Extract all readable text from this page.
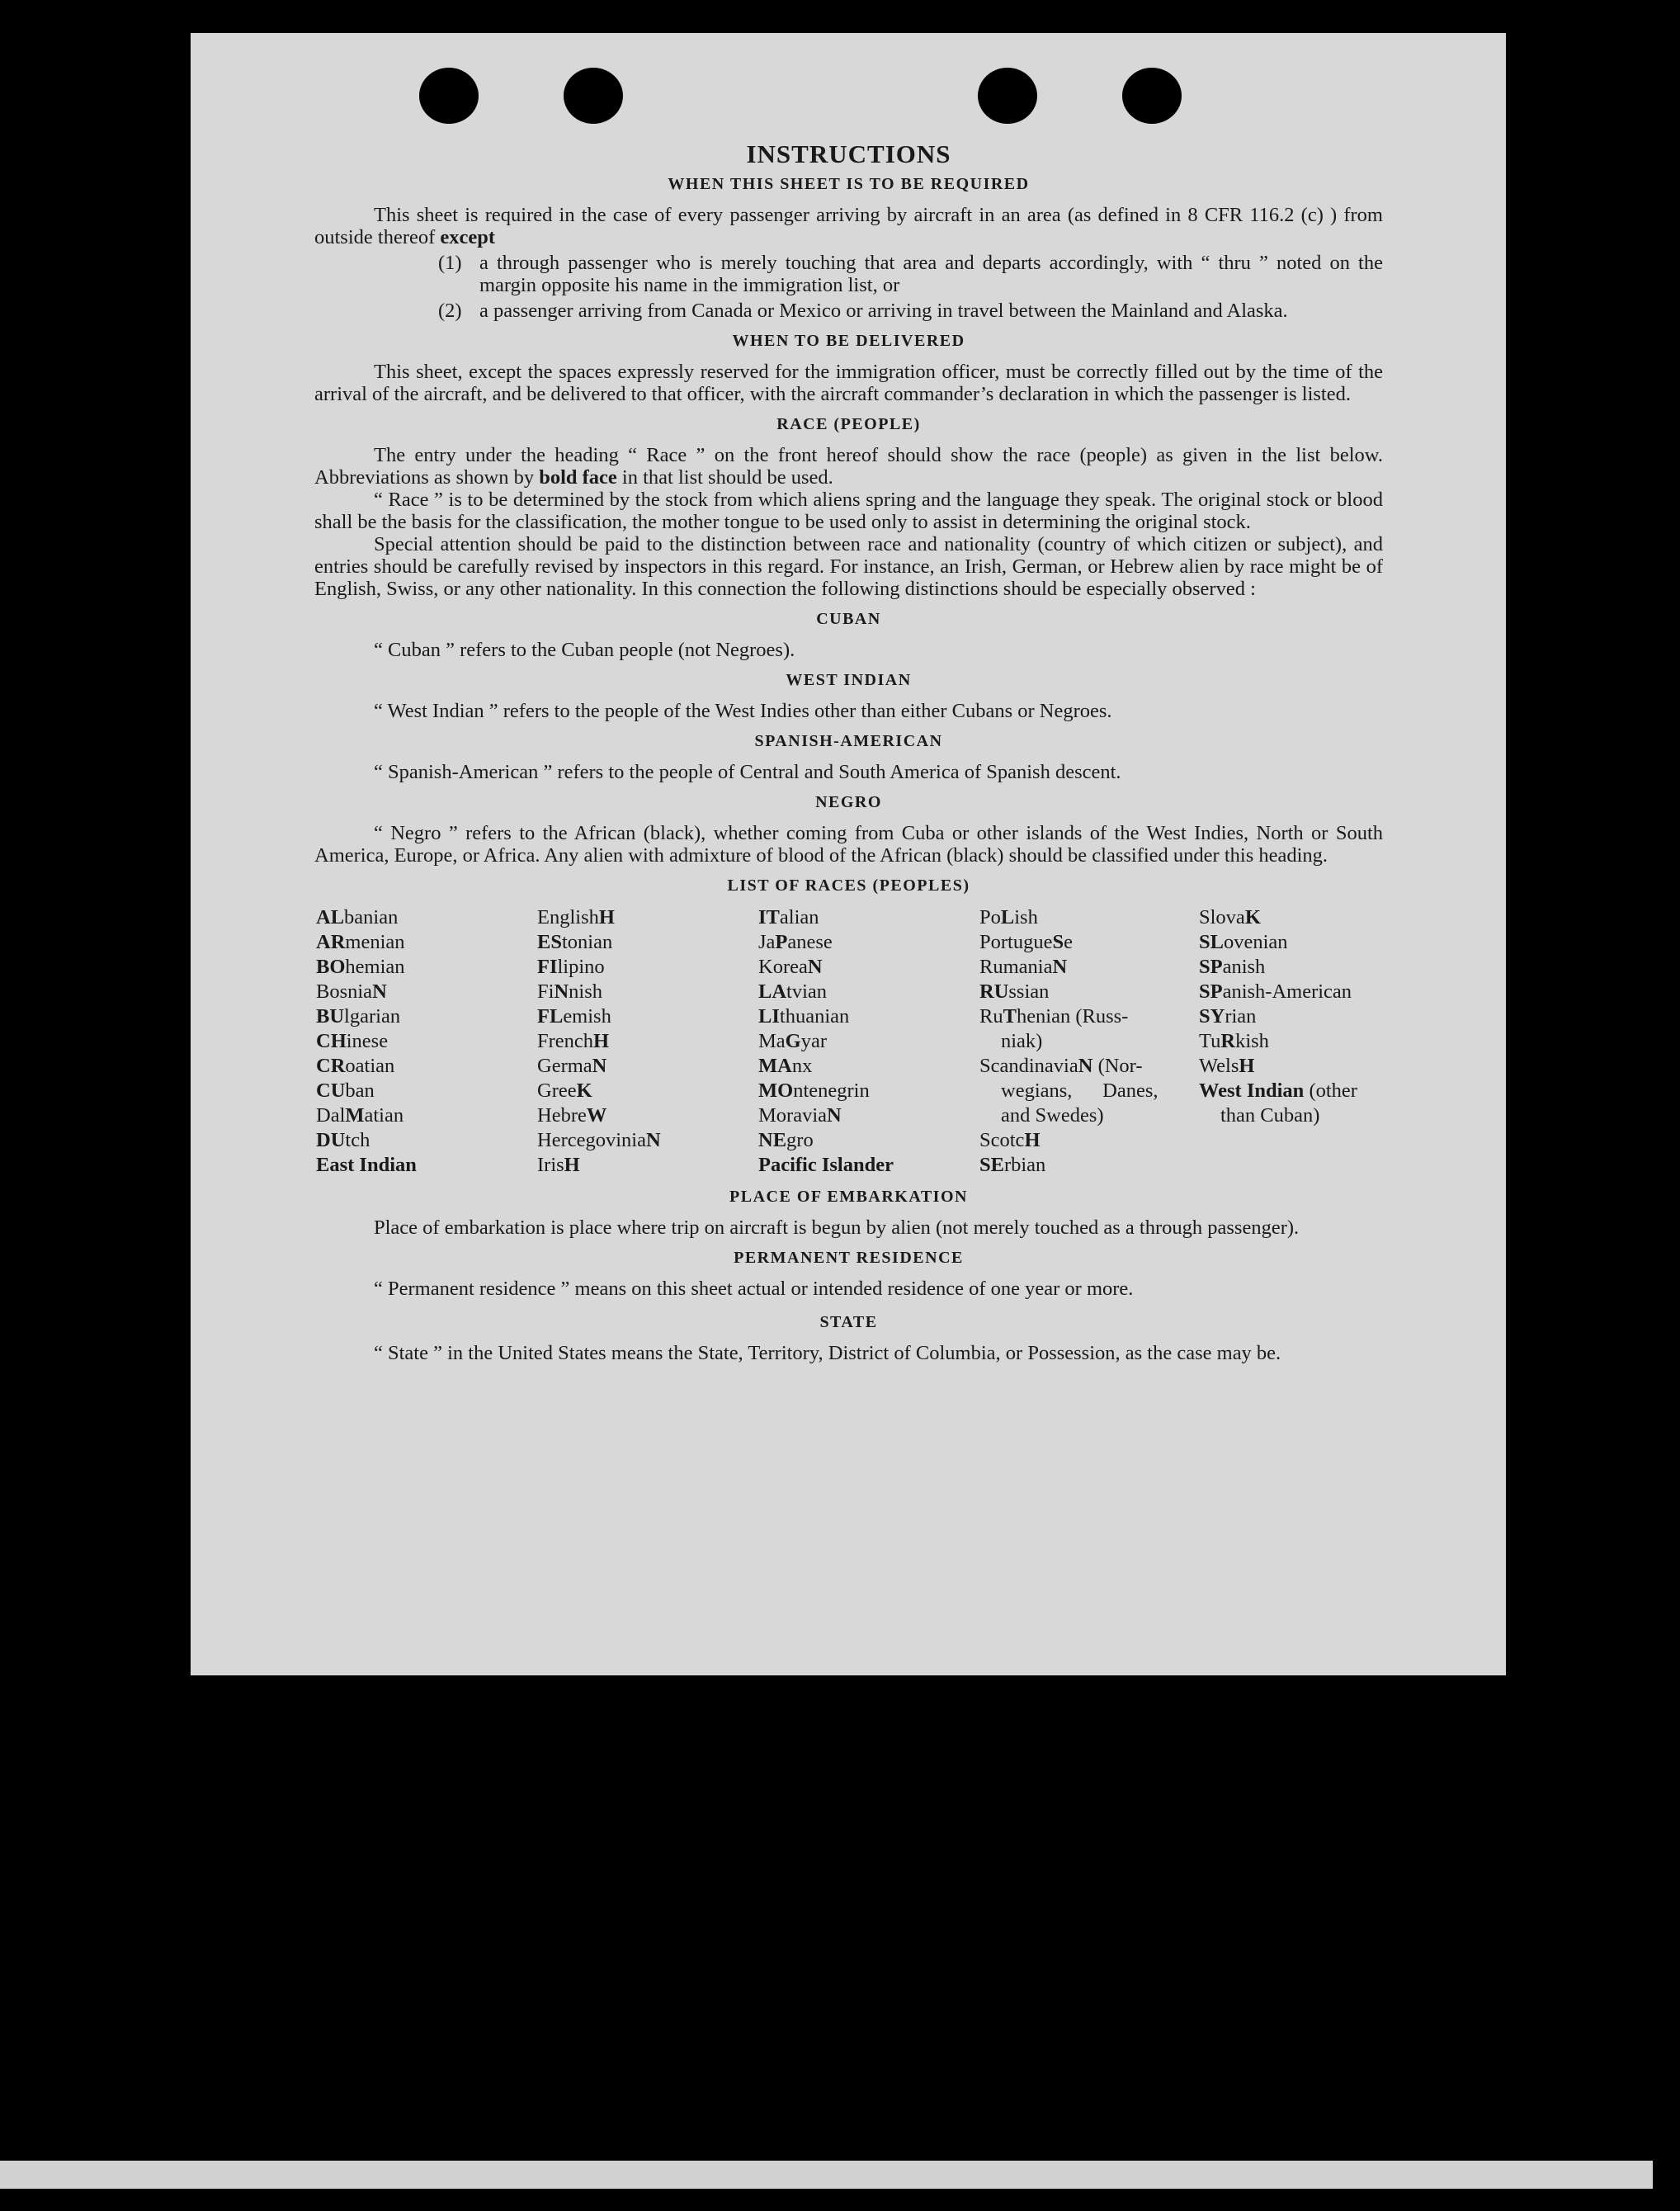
INSTRUCTIONS
WHEN THIS SHEET IS TO BE REQUIRED

This sheet is required in the case of every passenger arriving by aircraft in an area (as defined in 8 CFR 116.2 (c) ) from outside thereof except

(1) a through passenger who is merely touching that area and departs accordingly, with “ thru ” noted on the margin opposite his name in the immigration list, or
(2) a passenger arriving from Canada or Mexico or arriving in travel between the Mainland and Alaska.
WHEN TO BE DELIVERED

This sheet, except the spaces expressly reserved for the immigration officer, must be correctly filled out by the time of the arrival of the aircraft, and be delivered to that officer, with the aircraft commander’s declaration in which the passenger is listed.

RACE (PEOPLE)

The entry under the heading “ Race ” on the front hereof should show the race (people) as given in the list below. Abbreviations as shown by bold face in that list should be used.

“ Race ” is to be determined by the stock from which aliens spring and the language they speak. The original stock or blood shall be the basis for the classification, the mother tongue to be used only to assist in determining the original stock.

Special attention should be paid to the distinction between race and nationality (country of which citizen or subject), and entries should be carefully revised by inspectors in this regard. For instance, an Irish, German, or Hebrew alien by race might be of English, Swiss, or any other nationality. In this connection the following distinctions should be especially observed :

CUBAN

“ Cuban ” refers to the Cuban people (not Negroes).

WEST INDIAN

“ West Indian ” refers to the people of the West Indies other than either Cubans or Negroes.

SPANISH-AMERICAN

“ Spanish-American ” refers to the people of Central and South America of Spanish descent.

NEGRO

“ Negro ” refers to the African (black), whether coming from Cuba or other islands of the West Indies, North or South America, Europe, or Africa. Any alien with admixture of blood of the African (black) should be classified under this heading.

LIST OF RACES (PEOPLES)
ALbanian
ARmenian
BOhemian
BosniaN
BUlgarian
CHinese
CRoatian
CUban
DalMatian
DUtch
East Indian
EnglishH
EStonian
FIlipino
FiNnish
FLemish
FrenchH
GermaN
GreeK
HebreW
HercegoviniaN
IrisH
ITalian
JaPanese
KoreaN
LAtvian
LIthuanian
MaGyar
MAnx
MOntenegrin
MoraviaN
NEgro
Pacific Islander
PoLish
PortugueSe
RumaniaN
RUssian
RuThenian (Russ-
niak)
ScandinaviaN (Nor-
wegians,      Danes,
and Swedes)
ScotcH
SErbian
SlovaK
SLovenian
SPanish
SPanish-American
SYrian
TuRkish
WelsH
West Indian (other
than Cuban)
PLACE OF EMBARKATION

Place of embarkation is place where trip on aircraft is begun by alien (not merely touched as a through passenger).

PERMANENT RESIDENCE

“ Permanent residence ” means on this sheet actual or intended residence of one year or more.

STATE

“ State ” in the United States means the State, Territory, District of Columbia, or Possession, as the case may be.
